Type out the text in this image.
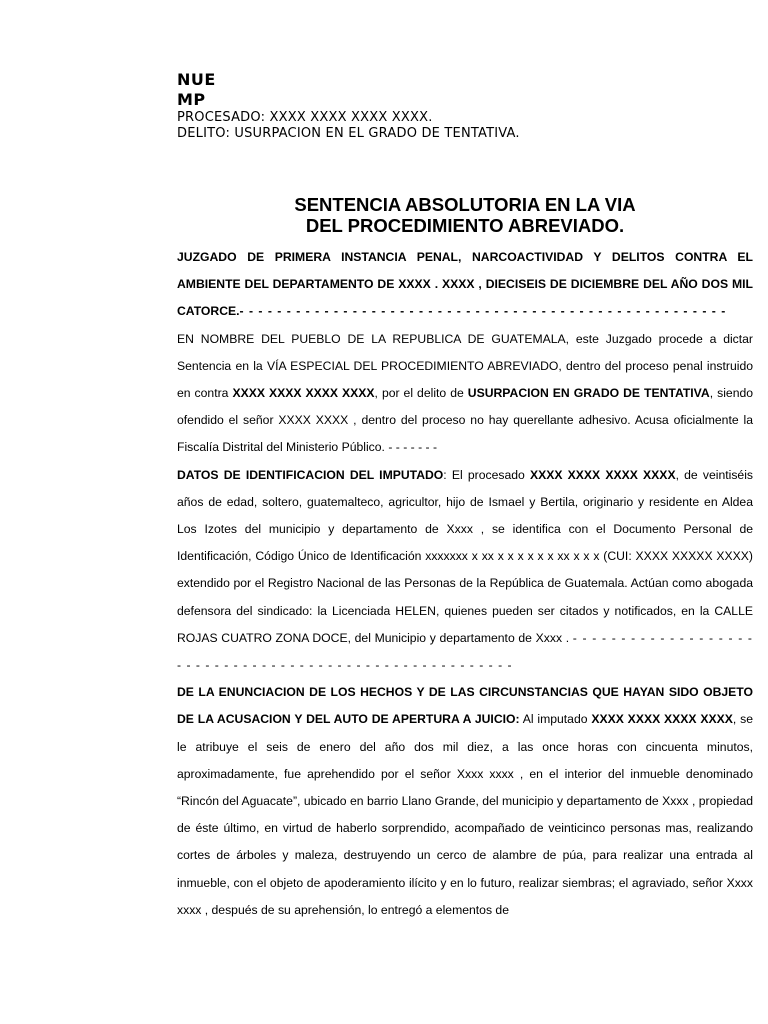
NUE
MP
PROCESADO: XXXX XXXX XXXX XXXX.
DELITO: USURPACION EN EL GRADO DE TENTATIVA.
SENTENCIA ABSOLUTORIA EN LA VIA
DEL PROCEDIMIENTO ABREVIADO.

JUZGADO DE PRIMERA INSTANCIA PENAL, NARCOACTIVIDAD Y DELITOS CONTRA EL AMBIENTE DEL DEPARTAMENTO DE XXXX . XXXX , DIECISEIS DE DICIEMBRE DEL AÑO DOS MIL CATORCE.- - - - - - - - - - - - - - - - - - - - - - - - - - - - - - - - - - - - - - - - - - - - - - - - - - - -

EN NOMBRE DEL PUEBLO DE LA REPUBLICA DE GUATEMALA, este Juzgado procede a dictar Sentencia en la VÍA ESPECIAL DEL PROCEDIMIENTO ABREVIADO, dentro del proceso penal instruido en contra XXXX XXXX XXXX XXXX, por el delito de USURPACION EN GRADO DE TENTATIVA, siendo ofendido el señor XXXX XXXX , dentro del proceso no hay querellante adhesivo. Acusa oficialmente la Fiscalía Distrital del Ministerio Público. - - - - - - -

DATOS DE IDENTIFICACION DEL IMPUTADO: El procesado XXXX XXXX XXXX XXXX, de veintiséis años de edad, soltero, guatemalteco, agricultor, hijo de Ismael y Bertila, originario y residente en Aldea Los Izotes del municipio y departamento de Xxxx , se identifica con el Documento Personal de Identificación, Código Único de Identificación xxxxxxx x xx x x x x x x xx x x x (CUI: XXXX XXXXX XXXX) extendido por el Registro Nacional de las Personas de la República de Guatemala. Actúan como abogada defensora del sindicado: la Licenciada HELEN, quienes pueden ser citados y notificados, en la CALLE ROJAS CUATRO ZONA DOCE, del Municipio y departamento de Xxxx . - - - - - - - - - - - - - - - - - - - - - - - - - - - - - - - - - - - - - - - - - - - - - - - - - - - - - - -

DE LA ENUNCIACION DE LOS HECHOS Y DE LAS CIRCUNSTANCIAS QUE HAYAN SIDO OBJETO DE LA ACUSACION Y DEL AUTO DE APERTURA A JUICIO: Al imputado XXXX XXXX XXXX XXXX, se le atribuye el seis de enero del año dos mil diez, a las once horas con cincuenta minutos, aproximadamente, fue aprehendido por el señor Xxxx xxxx , en el interior del inmueble denominado “Rincón del Aguacate”, ubicado en barrio Llano Grande, del municipio y departamento de Xxxx , propiedad de éste último, en virtud de haberlo sorprendido, acompañado de veinticinco personas mas, realizando cortes de árboles y maleza, destruyendo un cerco de alambre de púa, para realizar una entrada al inmueble, con el objeto de apoderamiento ilícito y en lo futuro, realizar siembras; el agraviado, señor Xxxx xxxx , después de su aprehensión, lo entregó a elementos de
